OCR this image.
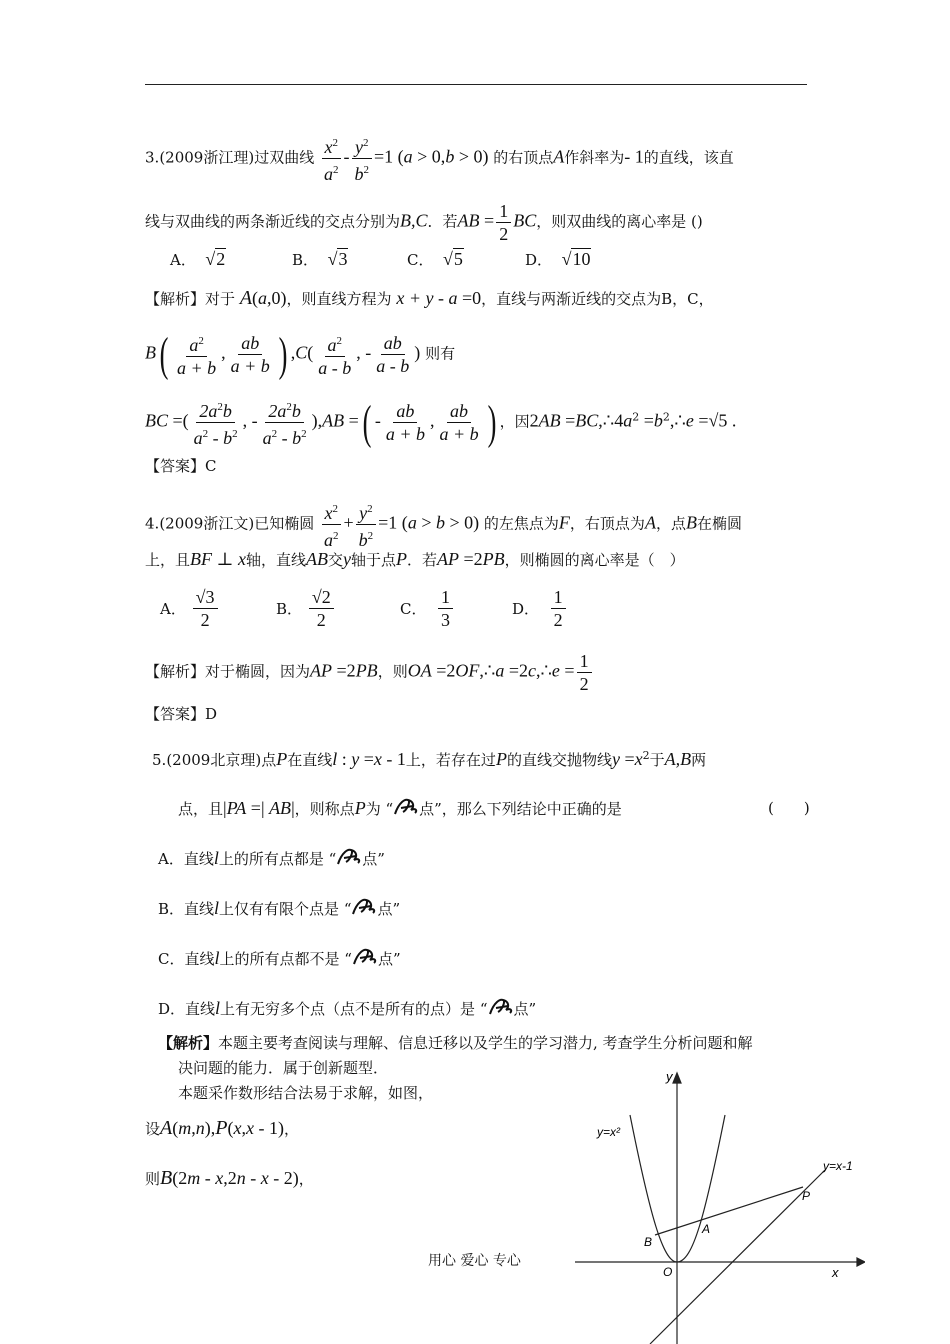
3.(2009浙江理)过双曲线 $\frac{x^2}{a^2} - \frac{y^2}{b^2} =1$ (a > 0,b > 0) 的右顶点A作斜率为- 1的直线，该直
线与双曲线的两条渐近线的交点分别为B,C．若AB = $\frac{1}{2}$ BC，则双曲线的离心率是 ()
A． √2	B． √3	C． √5	D． √10
【解析】对于 A(a,0)，则直线方程为 x + y - a =0，直线与两渐近线的交点为B，C，
$B( \frac{a^2}{a + b}$ , $\frac{ab}{a + b}$ ) $,C( \frac{a^2}{a - b}$ , - $\frac{ab}{a - b}$ ) 则有
BC =( $\frac{2a^2b}{a^2 - b^2}$ , - $\frac{2a^2b}{a^2 - b^2} ),AB$ =( - $\frac{ab}{a + b}$ , $\frac{ab}{a + b}$ ) ，因$2AB =BC,\therefore 4a^2$ $=b^2,\therefore e =√5$ .
【答案】C
4.(2009浙江文)已知椭圆 $\frac{x^2}{a^2} + \frac{y^2}{b^2} =1$ (a > b > 0) 的左焦点为F，右顶点为A，点B在椭圆
上，且BF ⊥ x轴，直线AB交y轴于点P．若AP =2PB，则椭圆的离心率是（　）
A． $\frac{√3}{2}$	B． $\frac{√2}{2}$	C． $\frac{1}{3}$	D． $\frac{1}{2}$
【解析】对于椭圆，因为AP =2PB，则OA =2OF,∴a =2c,∴e = $\frac{1}{2}$
【答案】D
5.(2009北京理)点P在直线l : y =x - 1上，若存在过P的直线交抛物线$y =x^2$于A,B两
点，且|PA =| AB|，则称点P为 “ 点”，那么下列结论中正确的是	(　　)
A．直线l上的所有点都是 “ 点”
B．直线l上仅有有限个点是 “ 点”
C．直线l上的所有点都不是 “ 点”
D．直线l上有无穷多个点（点不是所有的点）是 “ 点”
【解析】本题主要考查阅读与理解、信息迁移以及学生的学习潜力, 考查学生分析问题和解
决问题的能力．属于创新题型．
本题采作数形结合法易于求解，如图，
设A(m,n),P(x,x - 1)，
则B(2m - x,2n - x - 2)，
y=x²
y=x-1
y
x
O
B
A
P
用心 爱心 专心
